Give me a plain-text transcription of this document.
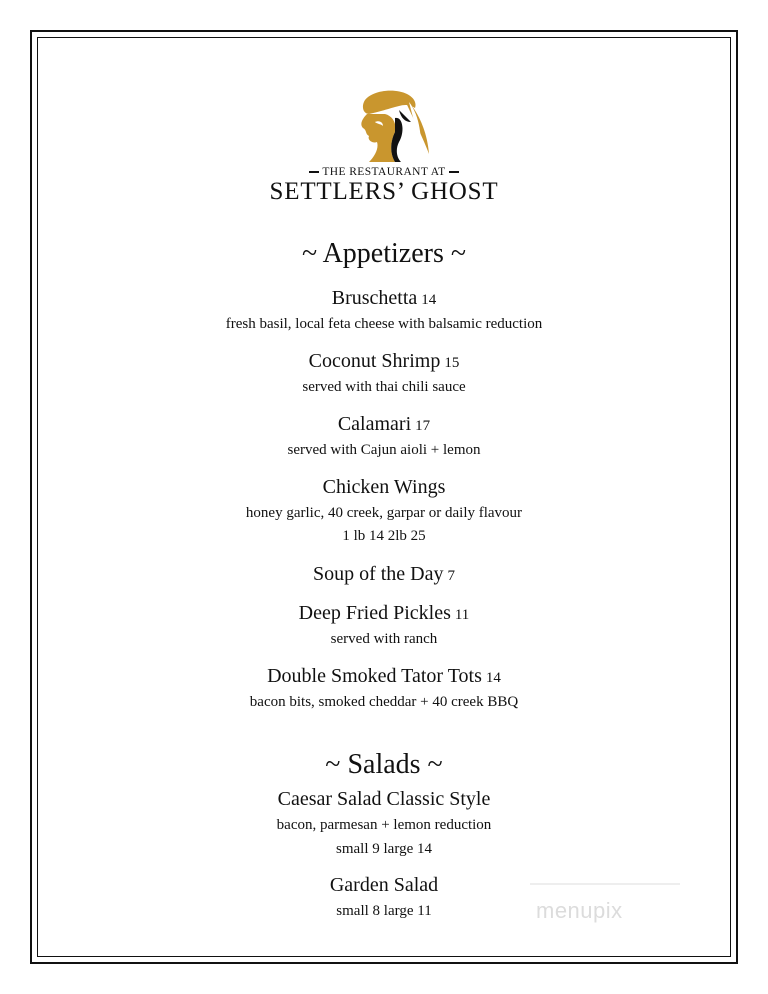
THE RESTAURANT AT
SETTLERS’ GHOST
~ Appetizers ~
Bruschetta 14
fresh basil, local feta cheese with balsamic reduction
Coconut Shrimp 15
served with thai chili sauce
Calamari 17
served with Cajun aioli + lemon
Chicken Wings
honey garlic, 40 creek, garpar or daily flavour
1 lb 14 2lb 25
Soup of the Day 7
Deep Fried Pickles 11
served with ranch
Double Smoked Tator Tots 14
bacon bits, smoked cheddar + 40 creek BBQ
~ Salads ~
Caesar Salad Classic Style
bacon, parmesan + lemon reduction
small 9 large 14
Garden Salad
small 8 large 11	menupix
